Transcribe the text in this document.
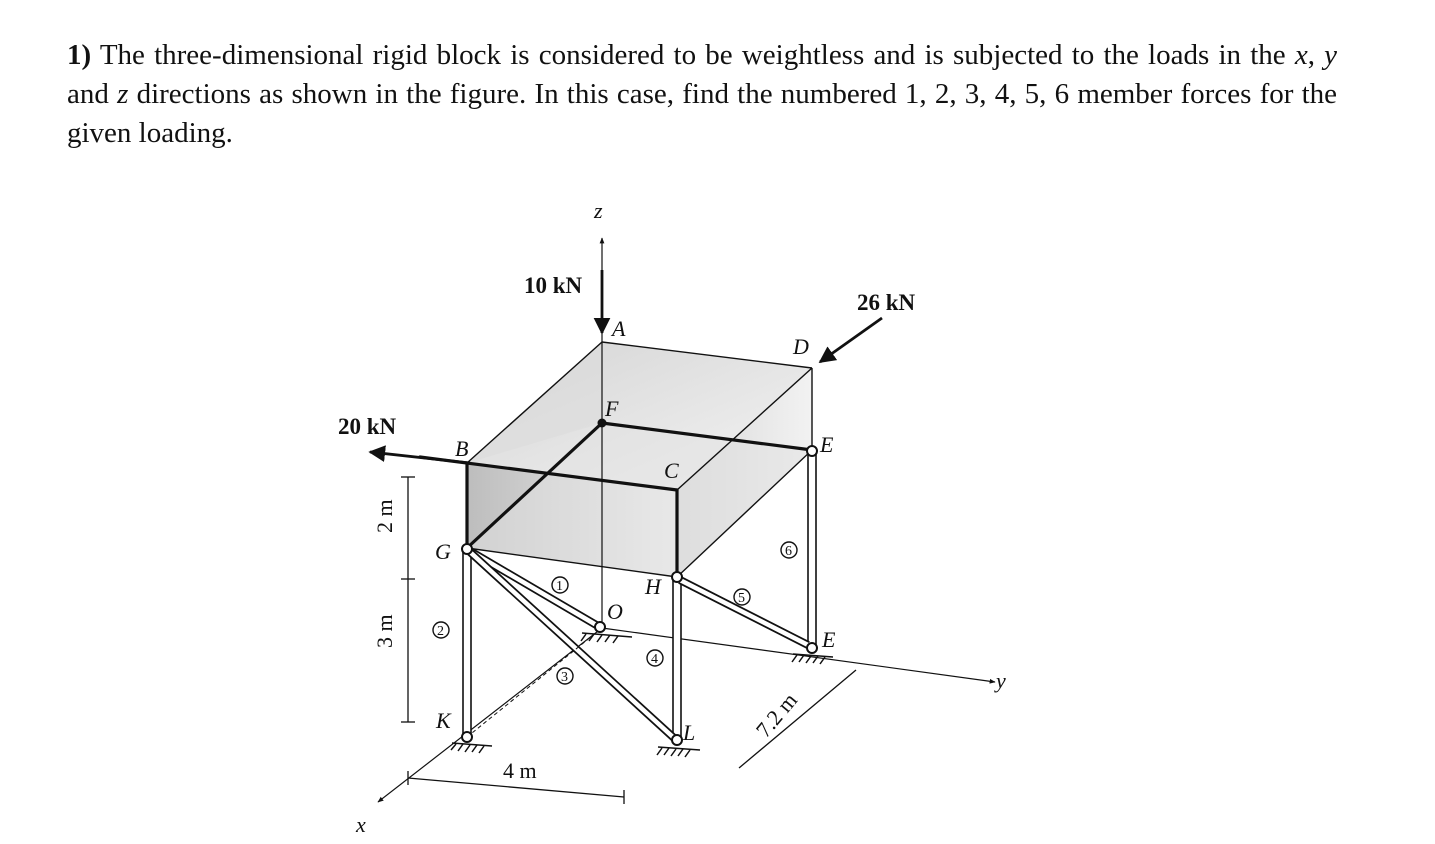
1) The three-dimensional rigid block is considered to be weightless and is subjected to the loads in the x, y and z directions as shown in the figure. In this case, find the numbered 1, 2, 3, 4, 5, 6 member forces for the given loading.
10 kN
20 kN
26 kN
z
y
x
A
B
C
D
E
E
F
G
H
K	L
O
2 m
3 m
4 m
7.2 m
1
2
3
4
5
6
